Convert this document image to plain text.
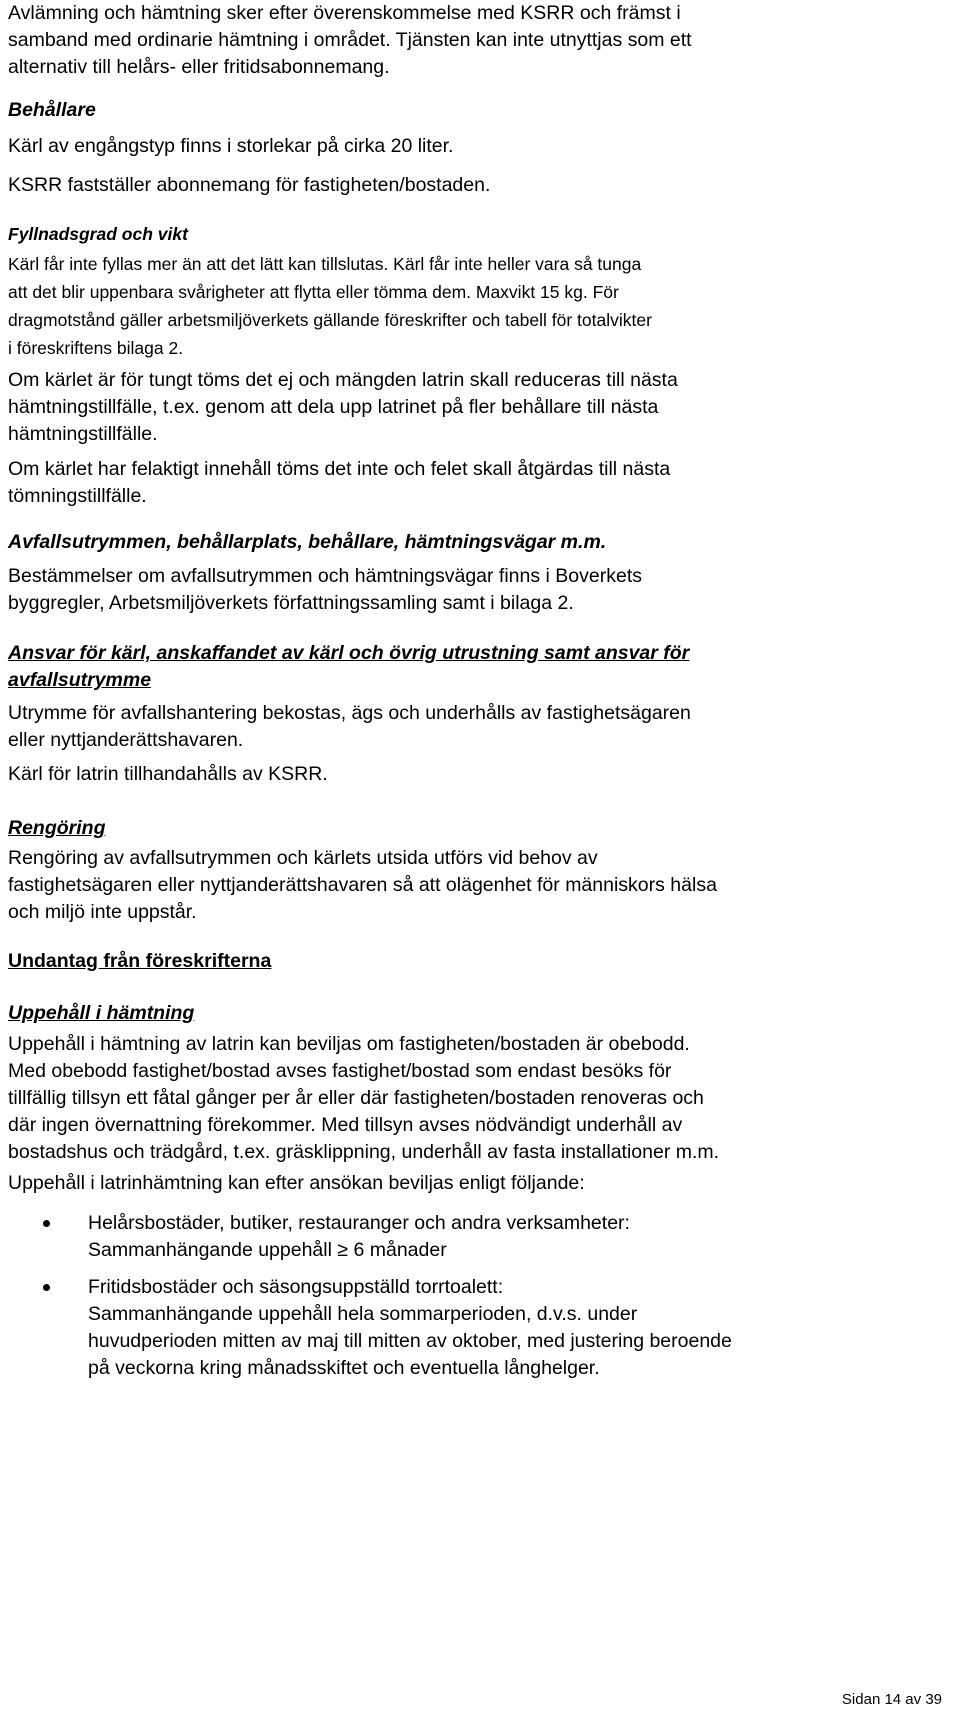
Avlämning och hämtning sker efter överenskommelse med KSRR och främst i

samband med ordinarie hämtning i området. Tjänsten kan inte utnyttjas som ett

alternativ till helårs- eller fritidsabonnemang.

Behållare

Kärl av engångstyp finns i storlekar på cirka 20 liter.

KSRR fastställer abonnemang för fastigheten/bostaden.

Fyllnadsgrad och vikt

Kärl får inte fyllas mer än att det lätt kan tillslutas. Kärl får inte heller vara så tunga

att det blir uppenbara svårigheter att flytta eller tömma dem. Maxvikt 15 kg. För

dragmotstånd gäller arbetsmiljöverkets gällande föreskrifter och tabell för totalvikter

i föreskriftens bilaga 2.

Om kärlet är för tungt töms det ej och mängden latrin skall reduceras till nästa

hämtningstillfälle, t.ex. genom att dela upp latrinet på fler behållare till nästa

hämtningstillfälle.

Om kärlet har felaktigt innehåll töms det inte och felet skall åtgärdas till nästa

tömningstillfälle.

Avfallsutrymmen, behållarplats, behållare, hämtningsvägar m.m.

Bestämmelser om avfallsutrymmen och hämtningsvägar finns i Boverkets

byggregler, Arbetsmiljöverkets författningssamling samt i bilaga 2.

Ansvar för kärl, anskaffandet av kärl och övrig utrustning samt ansvar för

avfallsutrymme

Utrymme för avfallshantering bekostas, ägs och underhålls av fastighetsägaren

eller nyttjanderättshavaren.

Kärl för latrin tillhandahålls av KSRR.

Rengöring

Rengöring av avfallsutrymmen och kärlets utsida utförs vid behov av

fastighetsägaren eller nyttjanderättshavaren så att olägenhet för människors hälsa

och miljö inte uppstår.

Undantag från föreskrifterna

Uppehåll i hämtning

Uppehåll i hämtning av latrin kan beviljas om fastigheten/bostaden är obebodd.

Med obebodd fastighet/bostad avses fastighet/bostad som endast besöks för

tillfällig tillsyn ett fåtal gånger per år eller där fastigheten/bostaden renoveras och

där ingen övernattning förekommer. Med tillsyn avses nödvändigt underhåll av

bostadshus och trädgård, t.ex. gräsklippning, underhåll av fasta installationer m.m.

Uppehåll i latrinhämtning kan efter ansökan beviljas enligt följande:

Helårsbostäder, butiker, restauranger och andra verksamheter:
Sammanhängande uppehåll ≥ 6 månader
Fritidsbostäder och säsongsuppställd torrtoalett:
Sammanhängande uppehåll hela sommarperioden, d.v.s. under
huvudperioden mitten av maj till mitten av oktober, med justering beroende
på veckorna kring månadsskiftet och eventuella långhelger.
Sidan 14 av 39
